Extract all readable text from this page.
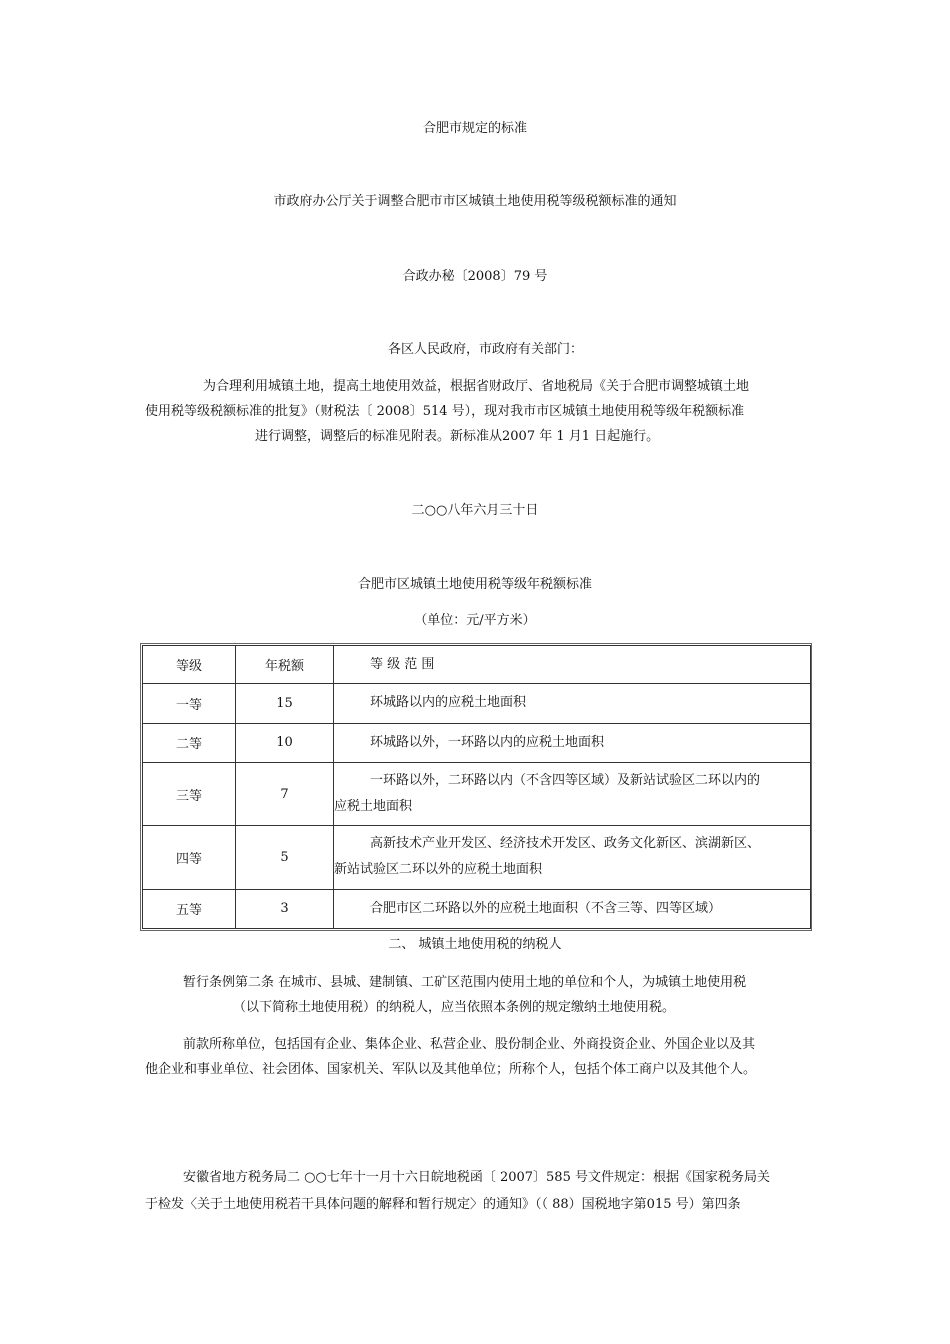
合肥市规定的标准
市政府办公厅关于调整合肥市市区城镇土地使用税等级税额标准的通知
合政办秘〔2008〕79 号
各区人民政府，市政府有关部门：
为合理利用城镇土地，提高土地使用效益，根据省财政厅、省地税局《关于合肥市调整城镇土地
使用税等级税额标准的批复》（财税法〔 2008〕514 号），现对我市市区城镇土地使用税等级年税额标准
进行调整，调整后的标准见附表。新标准从2007 年 1 月1 日起施行。
二○○八年六月三十日
合肥市区城镇土地使用税等级年税额标准
（单位：元/平方米）
等级	年税额	等 级 范 围
一等	15	环城路以内的应税土地面积
二等	10	环城路以外，一环路以内的应税土地面积
三等	7	一环路以外，二环路以内（不含四等区域）及新站试验区二环以内的
应税土地面积
四等	5	高新技术产业开发区、经济技术开发区、政务文化新区、滨湖新区、
新站试验区二环以外的应税土地面积
五等	3	合肥市区二环路以外的应税土地面积（不含三等、四等区域）
二、 城镇土地使用税的纳税人
暂行条例第二条 在城市、县城、建制镇、工矿区范围内使用土地的单位和个人，为城镇土地使用税
（以下简称土地使用税）的纳税人，应当依照本条例的规定缴纳土地使用税。
前款所称单位，包括国有企业、集体企业、私营企业、股份制企业、外商投资企业、外国企业以及其
他企业和事业单位、社会团体、国家机关、军队以及其他单位；所称个人，包括个体工商户以及其他个人。
安徽省地方税务局二 ○○七年十一月十六日皖地税函〔 2007〕585 号文件规定：根据《国家税务局关
于检发〈关于土地使用税若干具体问题的解释和暂行规定〉的通知》（（ 88）国税地字第015 号）第四条
